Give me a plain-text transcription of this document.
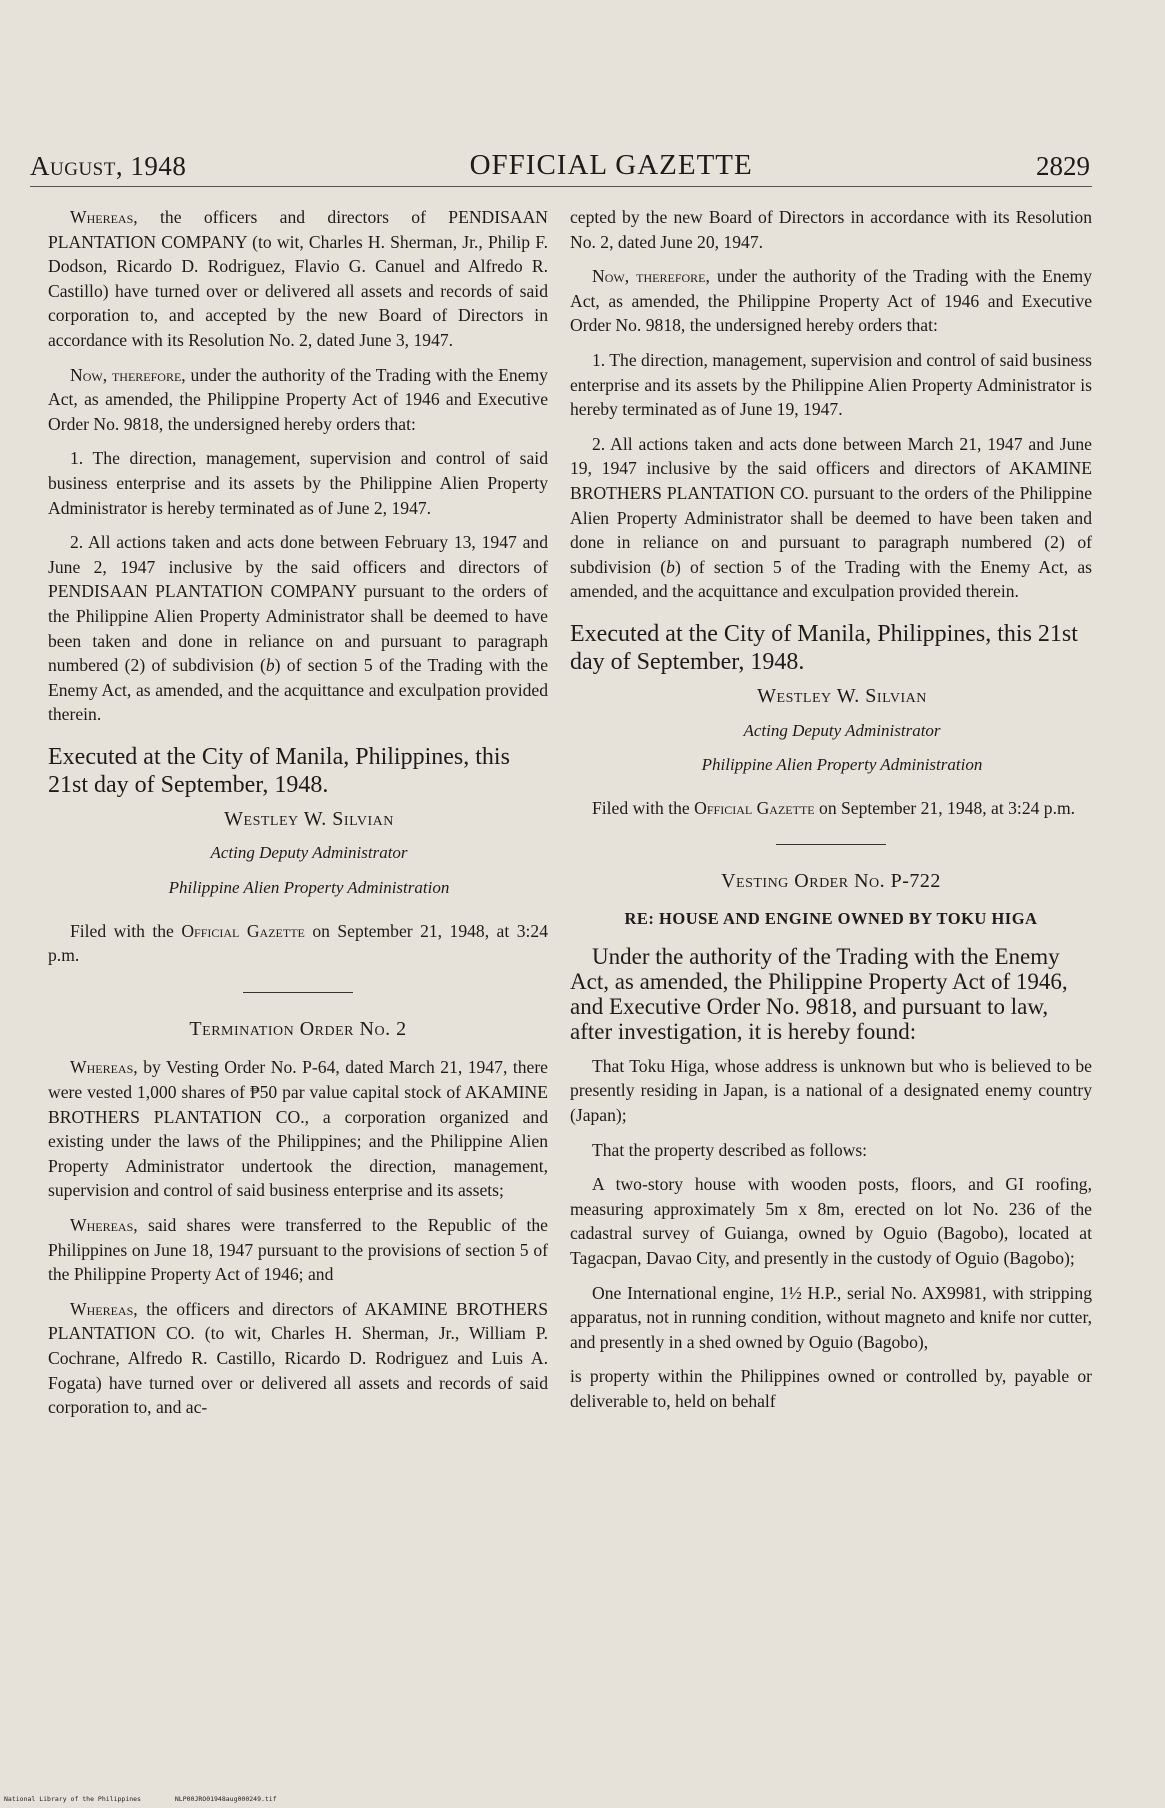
August, 1948	OFFICIAL GAZETTE	2829

Whereas, the officers and directors of PENDISAAN PLANTATION COMPANY (to wit, Charles H. Sherman, Jr., Philip F. Dodson, Ricardo D. Rodriguez, Flavio G. Canuel and Alfredo R. Castillo) have turned over or delivered all assets and records of said corporation to, and accepted by the new Board of Directors in accordance with its Resolution No. 2, dated June 3, 1947.

Now, therefore, under the authority of the Trading with the Enemy Act, as amended, the Philippine Property Act of 1946 and Executive Order No. 9818, the undersigned hereby orders that:

1. The direction, management, supervision and control of said business enterprise and its assets by the Philippine Alien Property Administrator is hereby terminated as of June 2, 1947.

2. All actions taken and acts done between February 13, 1947 and June 2, 1947 inclusive by the said officers and directors of PENDISAAN PLANTATION COMPANY pursuant to the orders of the Philippine Alien Property Administrator shall be deemed to have been taken and done in reliance on and pursuant to paragraph numbered (2) of subdivision (b) of section 5 of the Trading with the Enemy Act, as amended, and the acquittance and exculpation provided therein.

Executed at the City of Manila, Philippines, this 21st day of September, 1948.

Westley W. Silvian

Acting Deputy Administrator

Philippine Alien Property Administration

Filed with the Official Gazette on September 21, 1948, at 3:24 p.m.

Termination Order No. 2

Whereas, by Vesting Order No. P-64, dated March 21, 1947, there were vested 1,000 shares of ₱50 par value capital stock of AKAMINE BROTHERS PLANTATION CO., a corporation organized and existing under the laws of the Philippines; and the Philippine Alien Property Administrator undertook the direction, management, supervision and control of said business enterprise and its assets;

Whereas, said shares were transferred to the Republic of the Philippines on June 18, 1947 pursuant to the provisions of section 5 of the Philippine Property Act of 1946; and

Whereas, the officers and directors of AKAMINE BROTHERS PLANTATION CO. (to wit, Charles H. Sherman, Jr., William P. Cochrane, Alfredo R. Castillo, Ricardo D. Rodriguez and Luis A. Fogata) have turned over or delivered all assets and records of said corporation to, and ac-

cepted by the new Board of Directors in accordance with its Resolution No. 2, dated June 20, 1947.

Now, therefore, under the authority of the Trading with the Enemy Act, as amended, the Philippine Property Act of 1946 and Executive Order No. 9818, the undersigned hereby orders that:

1. The direction, management, supervision and control of said business enterprise and its assets by the Philippine Alien Property Administrator is hereby terminated as of June 19, 1947.

2. All actions taken and acts done between March 21, 1947 and June 19, 1947 inclusive by the said officers and directors of AKAMINE BROTHERS PLANTATION CO. pursuant to the orders of the Philippine Alien Property Administrator shall be deemed to have been taken and done in reliance on and pursuant to paragraph numbered (2) of subdivision (b) of section 5 of the Trading with the Enemy Act, as amended, and the acquittance and exculpation provided therein.

Executed at the City of Manila, Philippines, this 21st day of September, 1948.

Westley W. Silvian

Acting Deputy Administrator

Philippine Alien Property Administration

Filed with the Official Gazette on September 21, 1948, at 3:24 p.m.

Vesting Order No. P-722
RE: HOUSE AND ENGINE OWNED BY TOKU HIGA

Under the authority of the Trading with the Enemy Act, as amended, the Philippine Property Act of 1946, and Executive Order No. 9818, and pursuant to law, after investigation, it is hereby found:

That Toku Higa, whose address is unknown but who is believed to be presently residing in Japan, is a national of a designated enemy country (Japan);

That the property described as follows:

A two-story house with wooden posts, floors, and GI roofing, measuring approximately 5m x 8m, erected on lot No. 236 of the cadastral survey of Guianga, owned by Oguio (Bagobo), located at Tagacpan, Davao City, and presently in the custody of Oguio (Bagobo);

One International engine, 1½ H.P., serial No. AX9981, with stripping apparatus, not in running condition, without magneto and knife nor cutter, and presently in a shed owned by Oguio (Bagobo),

is property within the Philippines owned or controlled by, payable or deliverable to, held on behalf

National Library of the Philippines	NLP00JRO01948aug000249.tif
